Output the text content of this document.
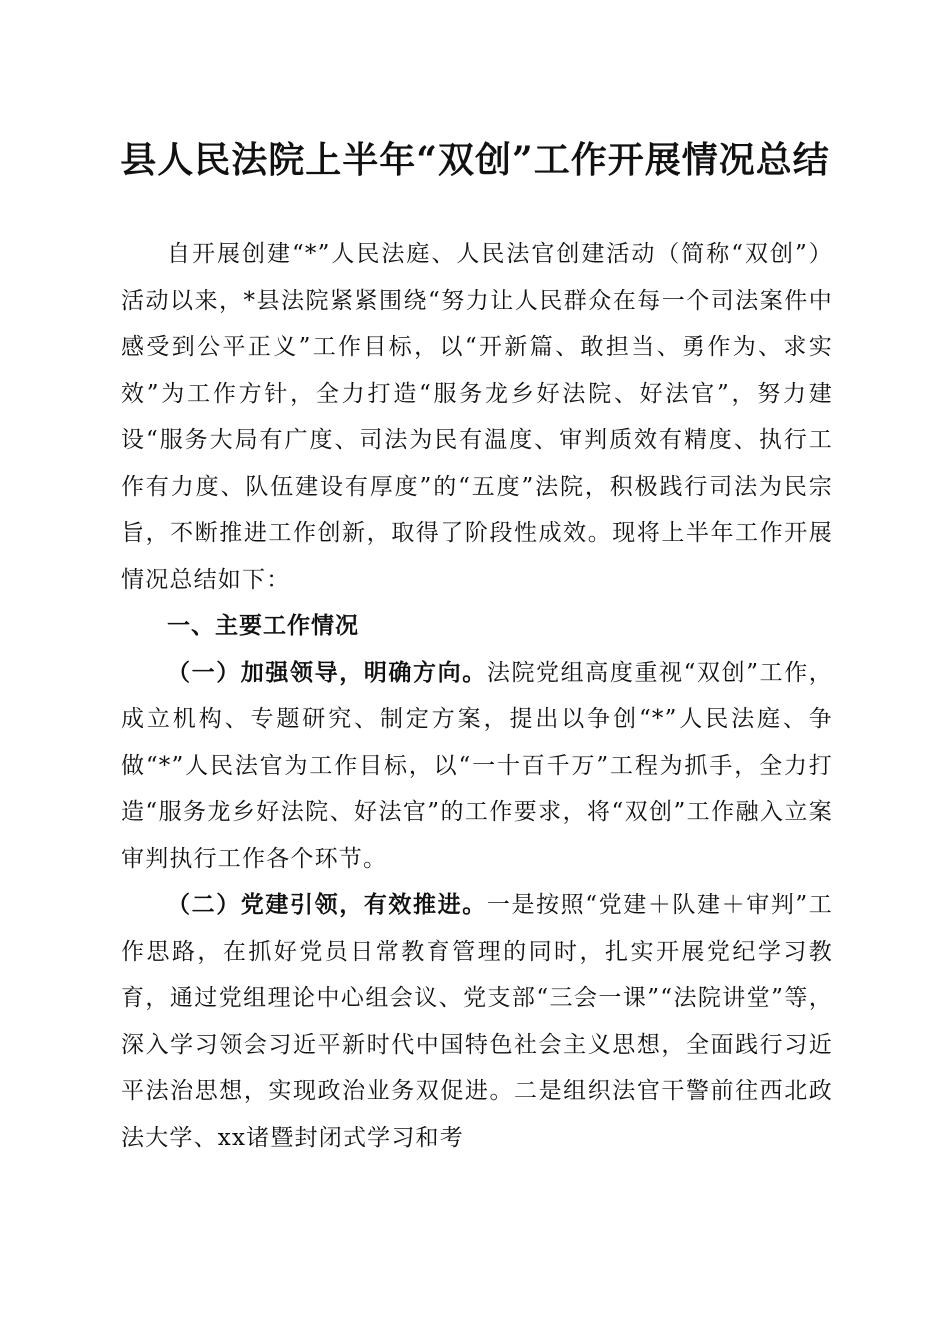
县人民法院上半年“双创”工作开展情况总结

自开展创建“*”人民法庭、人民法官创建活动（简称“双创”）活动以来，*县法院紧紧围绕“努力让人民群众在每一个司法案件中感受到公平正义”工作目标，以“开新篇、敢担当、勇作为、求实效”为工作方针，全力打造“服务龙乡好法院、好法官”，努力建设“服务大局有广度、司法为民有温度、审判质效有精度、执行工作有力度、队伍建设有厚度”的“五度”法院，积极践行司法为民宗旨，不断推进工作创新，取得了阶段性成效。现将上半年工作开展情况总结如下：

一、主要工作情况

（一）加强领导，明确方向。法院党组高度重视“双创”工作，成立机构、专题研究、制定方案，提出以争创“*”人民法庭、争做“*”人民法官为工作目标，以“一十百千万”工程为抓手，全力打造“服务龙乡好法院、好法官”的工作要求，将“双创”工作融入立案审判执行工作各个环节。

（二）党建引领，有效推进。一是按照“党建＋队建＋审判”工作思路，在抓好党员日常教育管理的同时，扎实开展党纪学习教育，通过党组理论中心组会议、党支部“三会一课”“法院讲堂”等，深入学习领会习近平新时代中国特色社会主义思想，全面践行习近平法治思想，实现政治业务双促进。二是组织法官干警前往西北政法大学、xx诸暨封闭式学习和考
